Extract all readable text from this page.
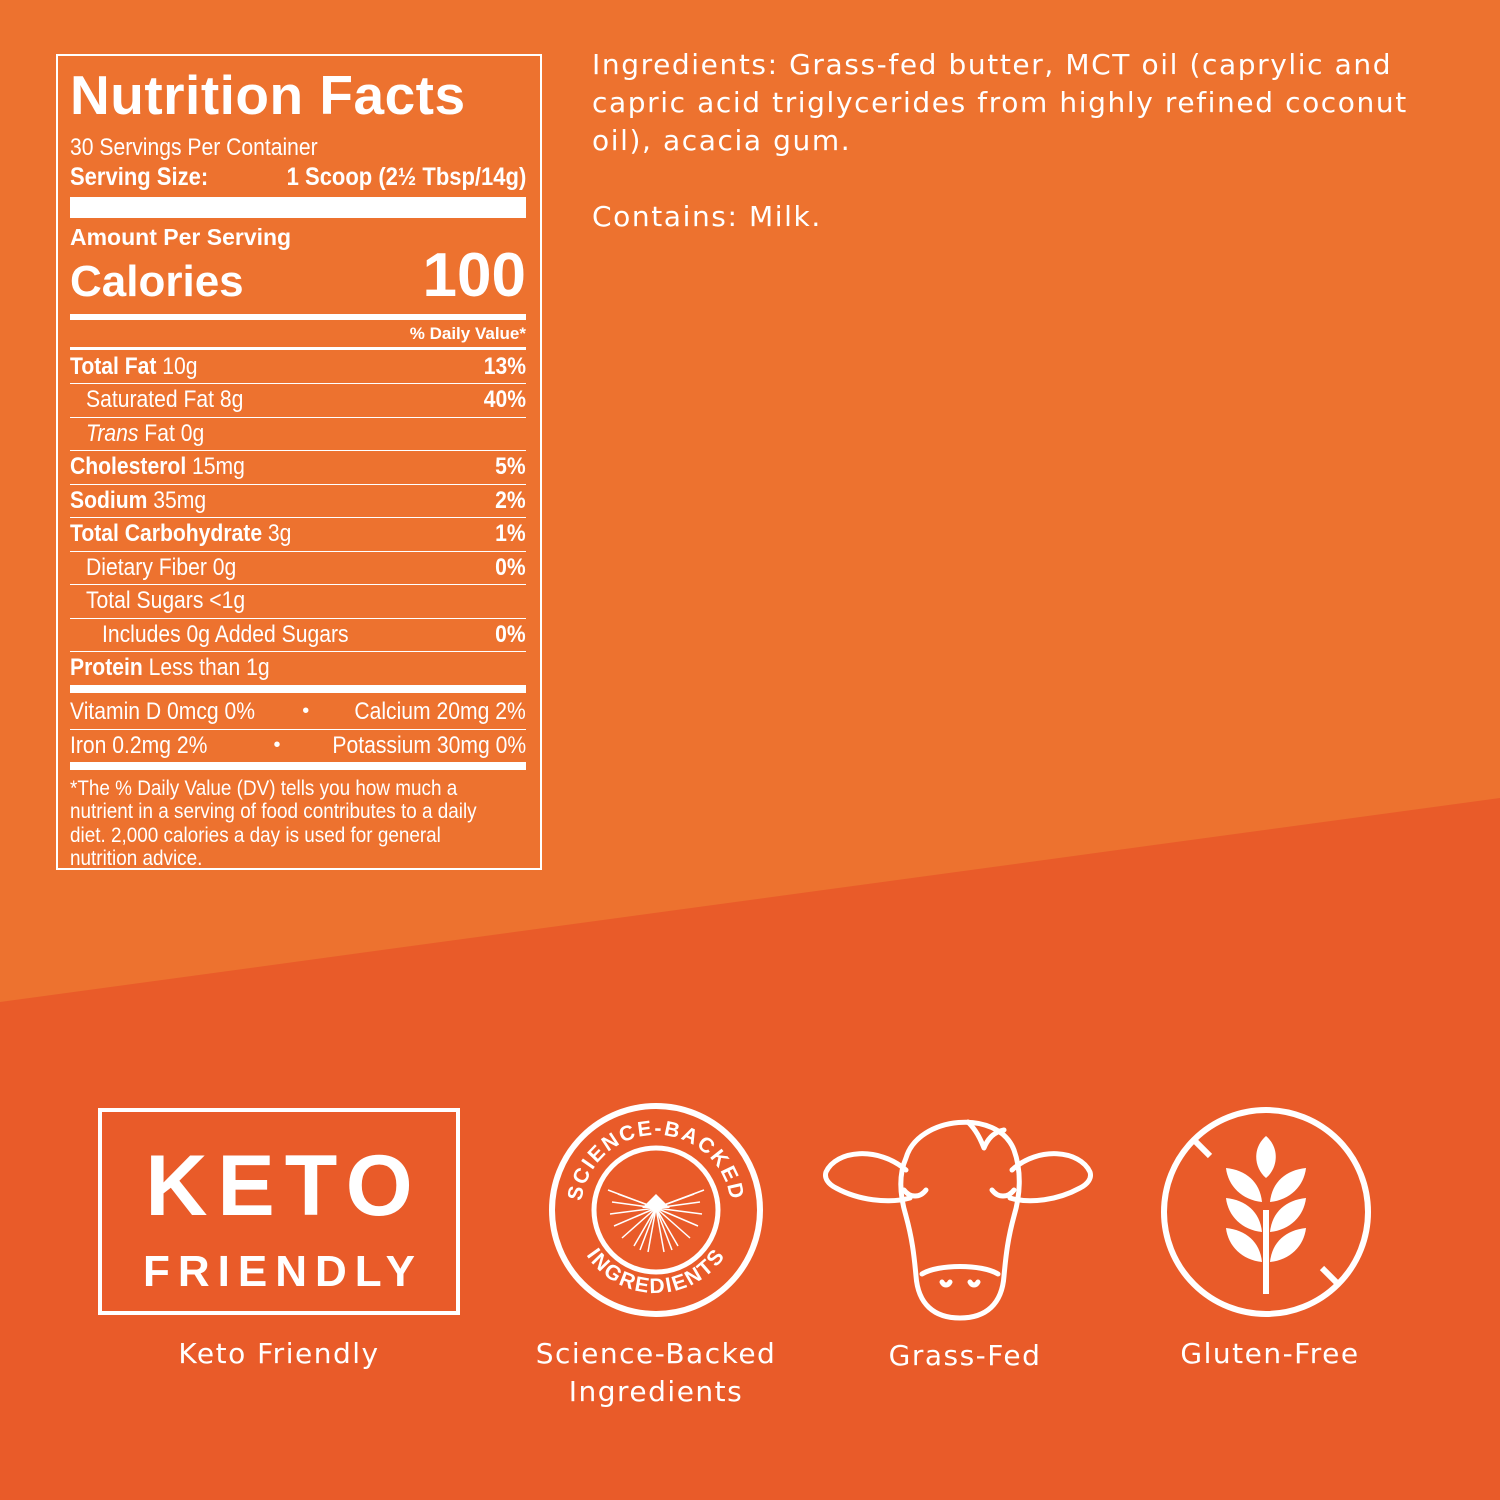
Nutrition Facts
30 Servings Per Container
Serving Size:	1 Scoop (2½ Tbsp/14g)
Amount Per Serving
Calories	100
% Daily Value*
Total Fat 10g	13%
Saturated Fat 8g	40%
Trans Fat 0g
Cholesterol 15mg	5%
Sodium 35mg	2%
Total Carbohydrate 3g	1%
Dietary Fiber 0g	0%
Total Sugars <1g
Includes 0g Added Sugars	0%
Protein Less than 1g
Vitamin D 0mcg 0% • Calcium 20mg 2%
Iron 0.2mg 2%	• Potassium 30mg 0%
*The % Daily Value (DV) tells you how much a nutrient in a serving of food contributes to a daily diet. 2,000 calories a day is used for general nutrition advice.
Ingredients: Grass-fed butter, MCT oil (caprylic and capric acid triglycerides from highly refined coconut oil), acacia gum.
Contains: Milk.
KETO
FRIENDLY
Keto Friendly
SCIENCE-BACKED
INGREDIENTS
Science-Backed
Ingredients
Grass-Fed	Gluten-Free
